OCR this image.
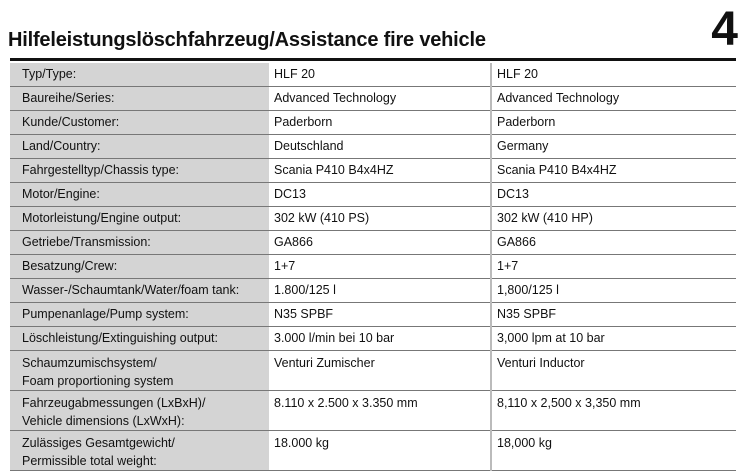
Hilfeleistungslöschfahrzeug/Assistance fire vehicle	4
Typ/Type:	HLF 20	HLF 20

Baureihe/Series:	Advanced Technology	Advanced Technology

Kunde/Customer:	Paderborn	Paderborn

Land/Country:	Deutschland	Germany

Fahrgestelltyp/Chassis type:	Scania P410 B4x4HZ	Scania P410 B4x4HZ

Motor/Engine:	DC13	DC13

Motorleistung/Engine output:	302 kW (410 PS)	302 kW (410 HP)

Getriebe/Transmission:	GA866	GA866

Besatzung/Crew:	1+7	1+7

Wasser-/Schaumtank/Water/foam tank:	1.800/125 l	1,800/125 l

Pumpenanlage/Pump system:	N35 SPBF	N35 SPBF

Löschleistung/Extinguishing output:	3.000 l/min bei 10 bar	3,000 lpm at 10 bar

Schaumzumischsystem/
Foam proportioning system	Venturi Zumischer	Venturi Inductor

Fahrzeugabmessungen (LxBxH)/
Vehicle dimensions (LxWxH):	8.110 x 2.500 x 3.350 mm	8,110 x 2,500 x 3,350 mm

Zulässiges Gesamtgewicht/
Permissible total weight:	18.000 kg	18,000 kg
